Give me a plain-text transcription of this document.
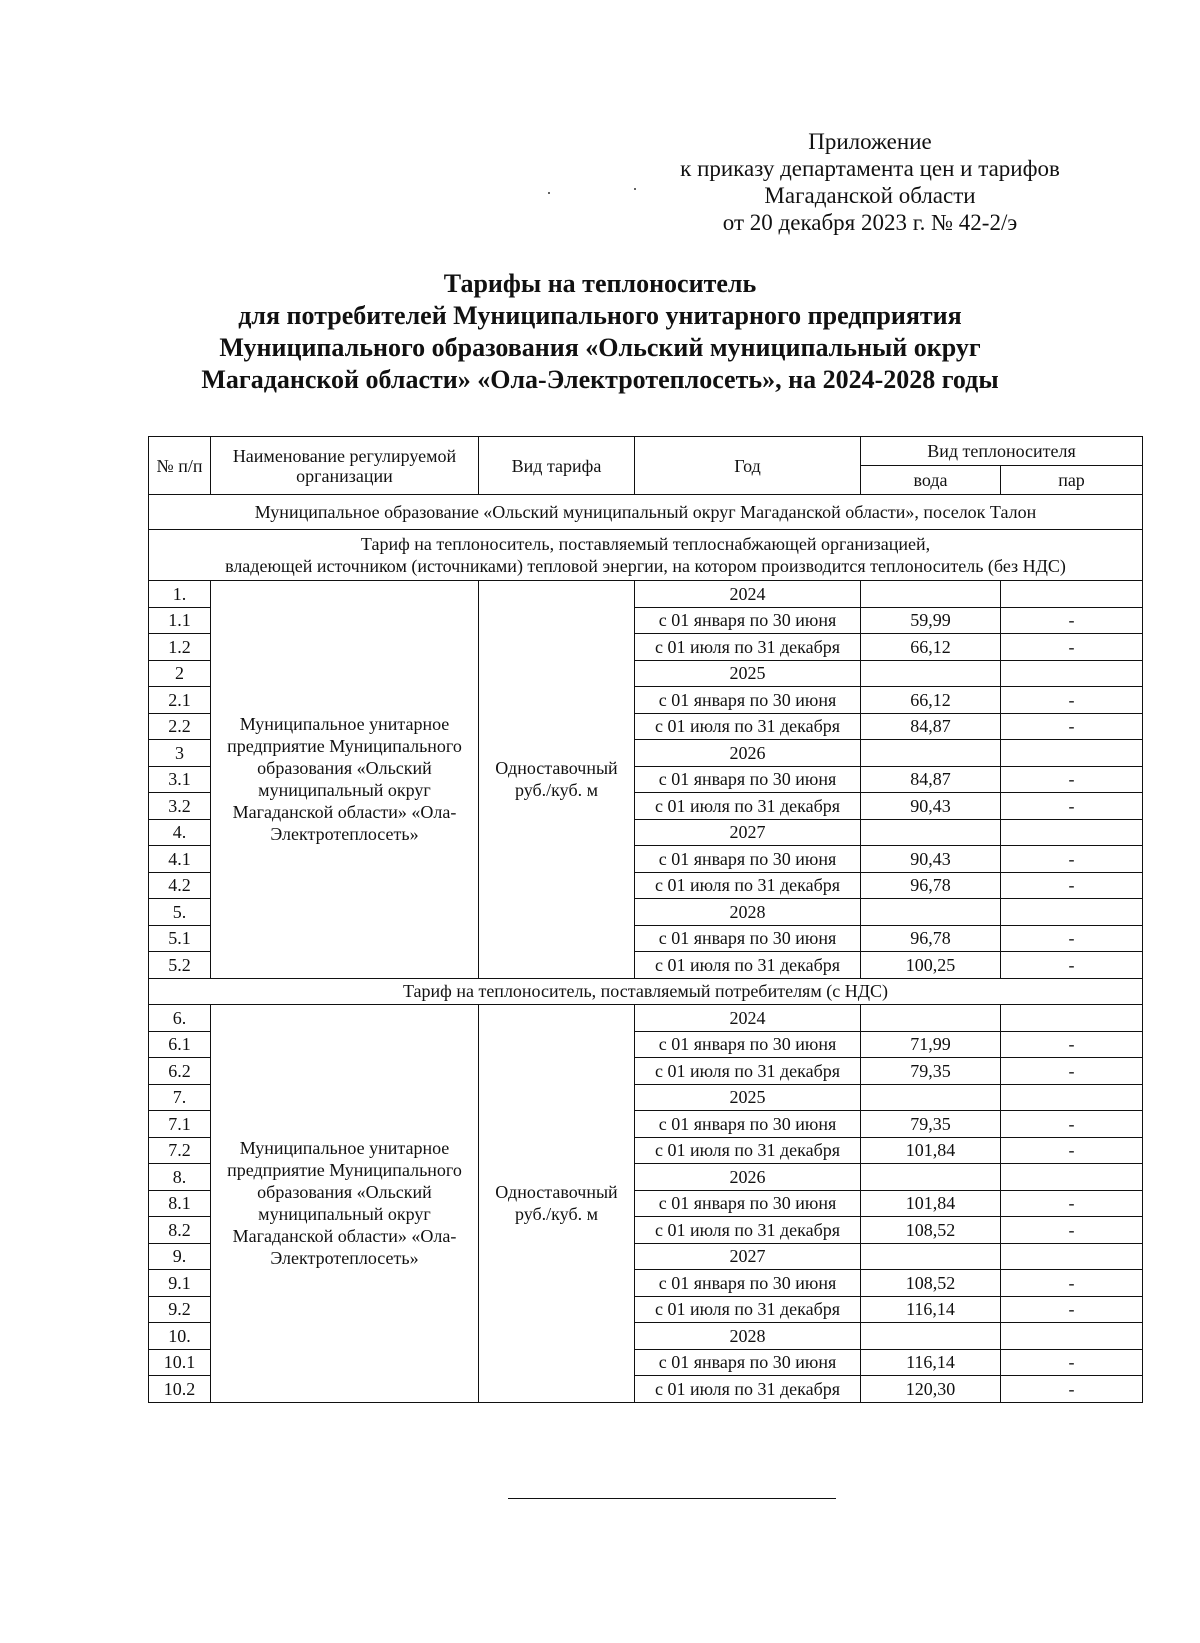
Приложение
к приказу департамента цен и тарифов
Магаданской области
от 20 декабря 2023 г. № 42-2/э
Тарифы на теплоноситель
для потребителей Муниципального унитарного предприятия
Муниципального образования «Ольский муниципальный округ
Магаданской области» «Ола-Электротеплосеть», на 2024-2028 годы
№ п/п	Наименование регулируемой организации	Вид тарифа	Год	Вид теплоносителя	
				вода	пар
Муниципальное образование «Ольский муниципальный округ Магаданской области», поселок Талон					

Тариф на теплоноситель, поставляемый теплоснабжающей организацией,
владеющей источником (источниками) тепловой энергии, на котором производится теплоноситель (без НДС)					

1.	Муниципальное унитарное предприятие Муниципального образования «Ольский муниципальный округ Магаданской области» «Ола-Электротеплосеть»	Одноставочный руб./куб. м	2024		
1.1			с 01 января по 30 июня	59,99	-
1.2			с 01 июля по 31 декабря	66,12	-
2			2025		
2.1			с 01 января по 30 июня	66,12	-
2.2			с 01 июля по 31 декабря	84,87	-
3			2026		
3.1			с 01 января по 30 июня	84,87	-
3.2			с 01 июля по 31 декабря	90,43	-
4.			2027		
4.1			с 01 января по 30 июня	90,43	-
4.2			с 01 июля по 31 декабря	96,78	-
5.			2028		
5.1			с 01 января по 30 июня	96,78	-
5.2			с 01 июля по 31 декабря	100,25	-
Тариф на теплоноситель, поставляемый потребителям (с НДС)					
6.	Муниципальное унитарное предприятие Муниципального образования «Ольский муниципальный округ Магаданской области» «Ола-Электротеплосеть»	Одноставочный руб./куб. м	2024		
6.1			с 01 января по 30 июня	71,99	-
6.2			с 01 июля по 31 декабря	79,35	-
7.			2025		
7.1			с 01 января по 30 июня	79,35	-
7.2			с 01 июля по 31 декабря	101,84	-
8.			2026		
8.1			с 01 января по 30 июня	101,84	-
8.2			с 01 июля по 31 декабря	108,52	-
9.			2027		
9.1			с 01 января по 30 июня	108,52	-
9.2			с 01 июля по 31 декабря	116,14	-
10.			2028		
10.1			с 01 января по 30 июня	116,14	-
10.2			с 01 июля по 31 декабря	120,30	-
